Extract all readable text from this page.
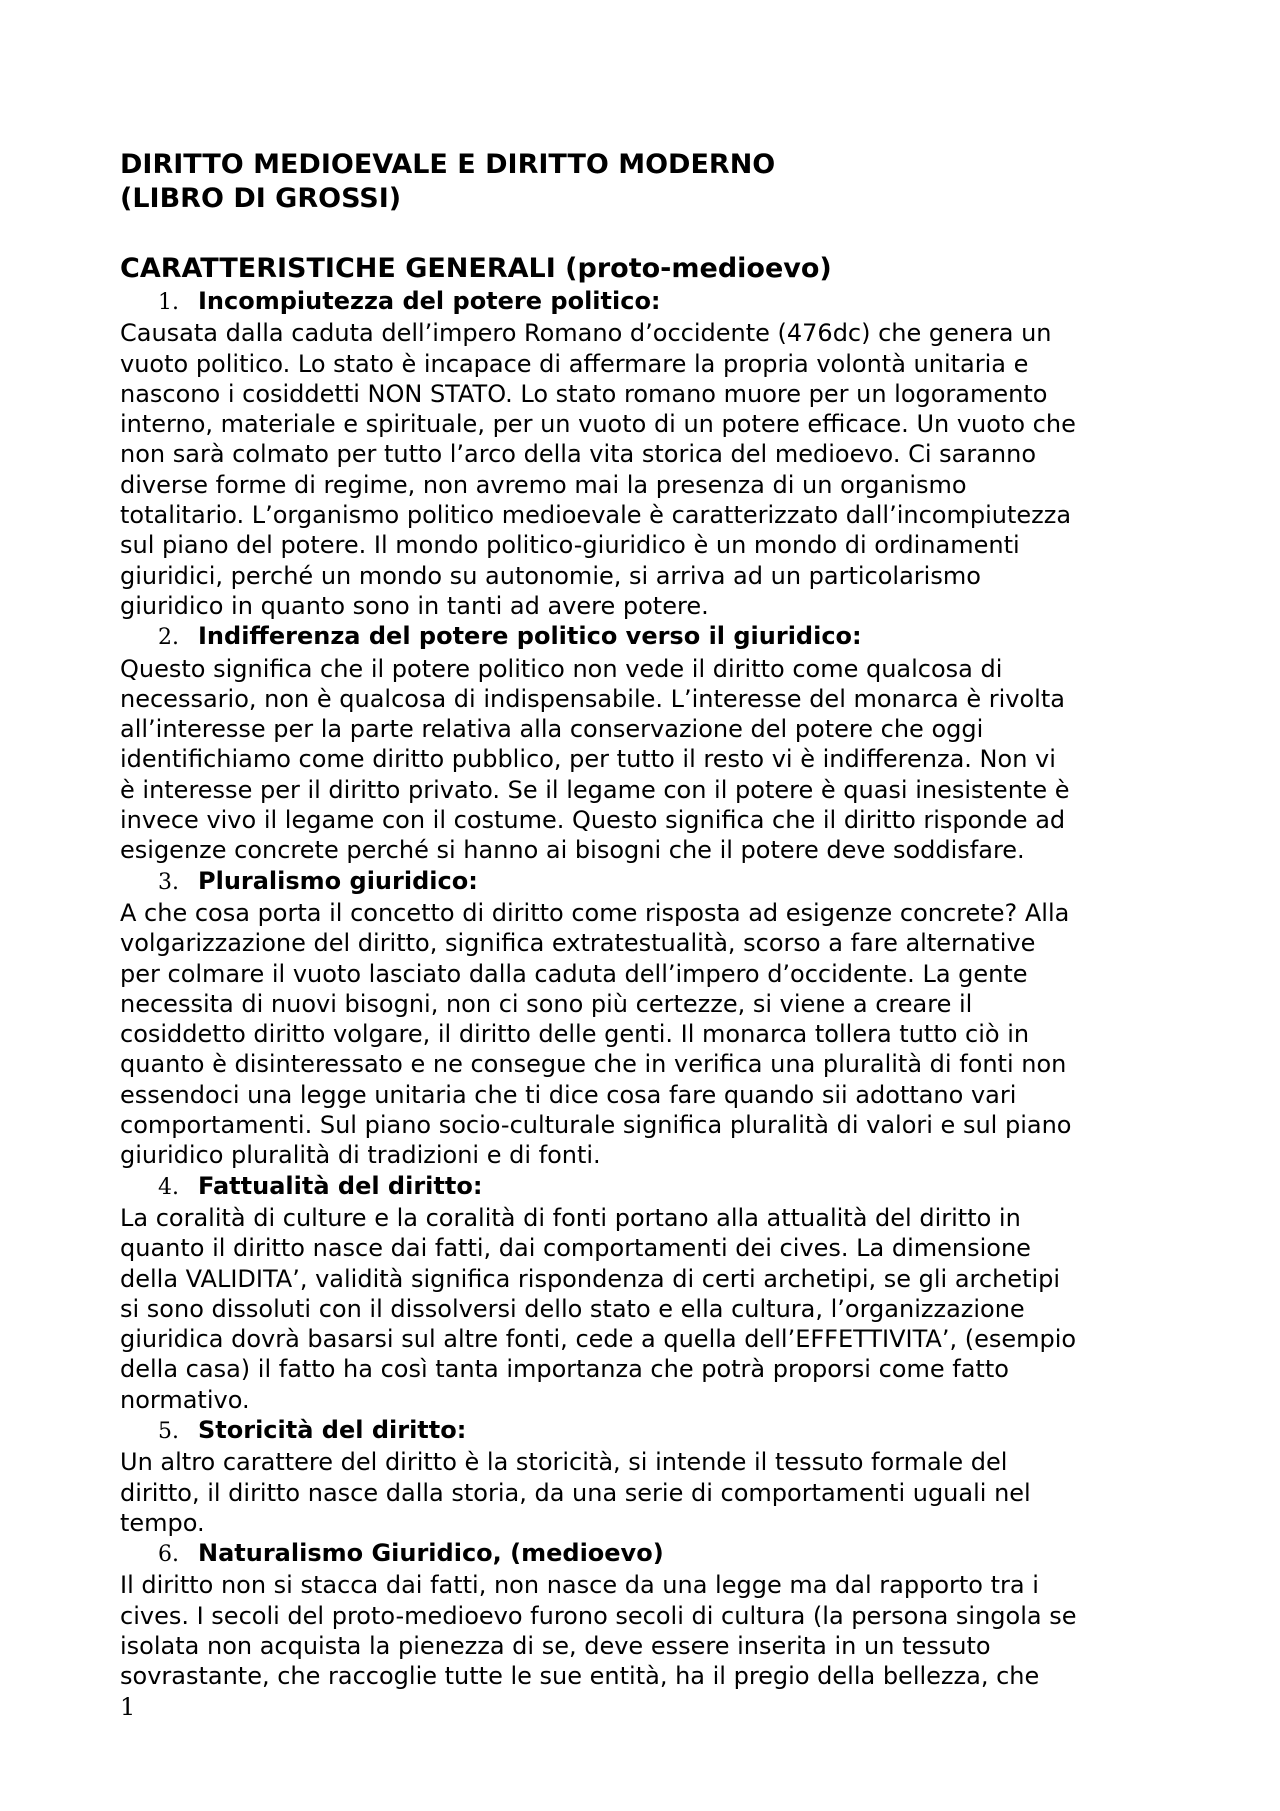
DIRITTO MEDIOEVALE E DIRITTO MODERNO
(LIBRO DI GROSSI)
CARATTERISTICHE GENERALI (proto-medioevo)
1. Incompiutezza del potere politico:

Causata dalla caduta dell’impero Romano d’occidente (476dc) che genera un
vuoto politico. Lo stato è incapace di affermare la propria volontà unitaria e
nascono i cosiddetti NON STATO. Lo stato romano muore per un logoramento
interno, materiale e spirituale, per un vuoto di un potere efficace. Un vuoto che
non sarà colmato per tutto l’arco della vita storica del medioevo. Ci saranno
diverse forme di regime, non avremo mai la presenza di un organismo
totalitario. L’organismo politico medioevale è caratterizzato dall’incompiutezza
sul piano del potere. Il mondo politico-giuridico è un mondo di ordinamenti
giuridici, perché un mondo su autonomie, si arriva ad un particolarismo
giuridico in quanto sono in tanti ad avere potere.

2. Indifferenza del potere politico verso il giuridico:

Questo significa che il potere politico non vede il diritto come qualcosa di
necessario, non è qualcosa di indispensabile. L’interesse del monarca è rivolta
all’interesse per la parte relativa alla conservazione del potere che oggi
identifichiamo come diritto pubblico, per tutto il resto vi è indifferenza. Non vi
è interesse per il diritto privato. Se il legame con il potere è quasi inesistente è
invece vivo il legame con il costume. Questo significa che il diritto risponde ad
esigenze concrete perché si hanno ai bisogni che il potere deve soddisfare.

3. Pluralismo giuridico:

A che cosa porta il concetto di diritto come risposta ad esigenze concrete? Alla
volgarizzazione del diritto, significa extratestualità, scorso a fare alternative
per colmare il vuoto lasciato dalla caduta dell’impero d’occidente. La gente
necessita di nuovi bisogni, non ci sono più certezze, si viene a creare il
cosiddetto diritto volgare, il diritto delle genti. Il monarca tollera tutto ciò in
quanto è disinteressato e ne consegue che in verifica una pluralità di fonti non
essendoci una legge unitaria che ti dice cosa fare quando sii adottano vari
comportamenti. Sul piano socio-culturale significa pluralità di valori e sul piano
giuridico pluralità di tradizioni e di fonti.

4. Fattualità del diritto:

La coralità di culture e la coralità di fonti portano alla attualità del diritto in
quanto il diritto nasce dai fatti, dai comportamenti dei cives. La dimensione
della VALIDITA’, validità significa rispondenza di certi archetipi, se gli archetipi
si sono dissoluti con il dissolversi dello stato e ella cultura, l’organizzazione
giuridica dovrà basarsi sul altre fonti, cede a quella dell’EFFETTIVITA’, (esempio
della casa) il fatto ha così tanta importanza che potrà proporsi come fatto
normativo.

5. Storicità del diritto:

Un altro carattere del diritto è la storicità, si intende il tessuto formale del
diritto, il diritto nasce dalla storia, da una serie di comportamenti uguali nel
tempo.

6. Naturalismo Giuridico, (medioevo)

Il diritto non si stacca dai fatti, non nasce da una legge ma dal rapporto tra i
cives. I secoli del proto-medioevo furono secoli di cultura (la persona singola se
isolata non acquista la pienezza di se, deve essere inserita in un tessuto
sovrastante, che raccoglie tutte le sue entità, ha il pregio della bellezza, che

1
